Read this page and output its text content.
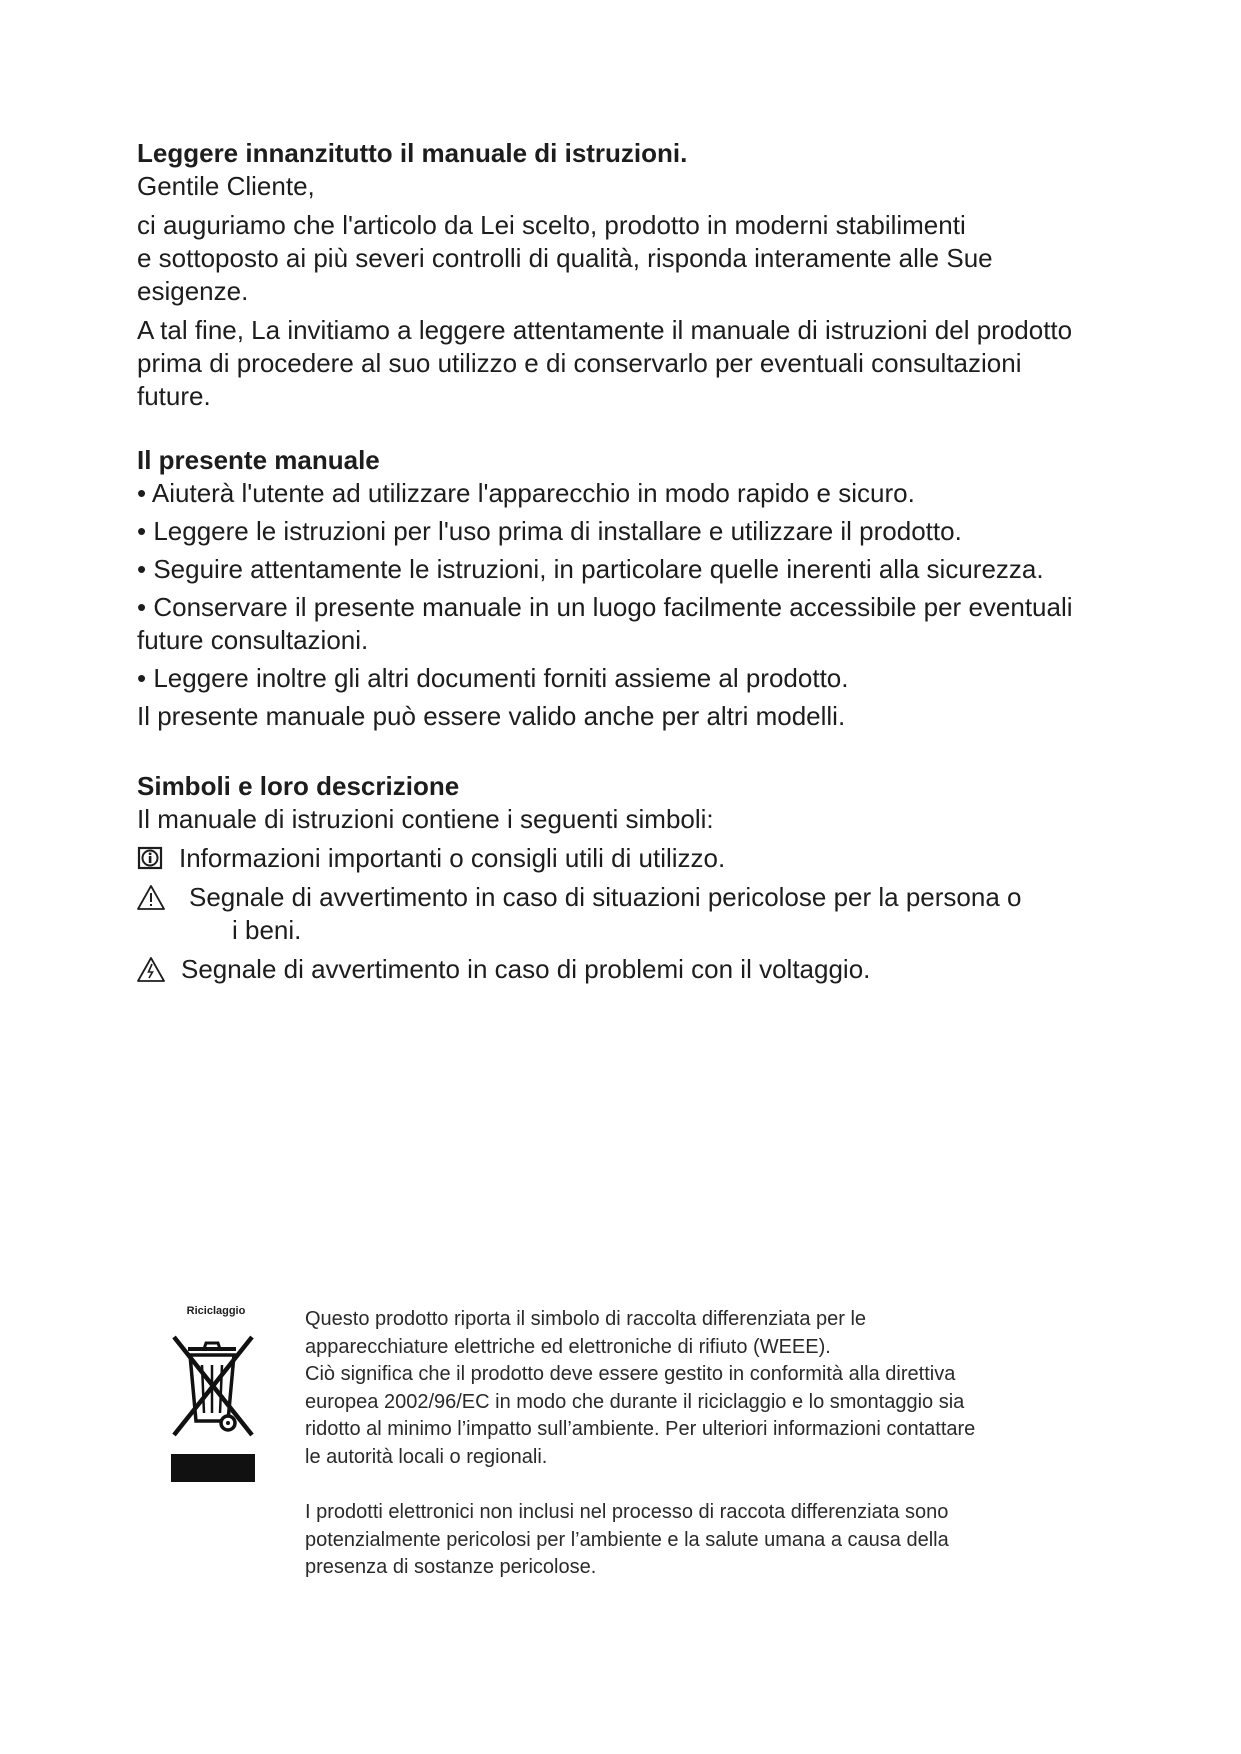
Leggere innanzitutto il manuale di istruzioni.

Gentile Cliente,

ci auguriamo che l'articolo da Lei scelto, prodotto in moderni stabilimenti
e sottoposto ai più severi controlli di qualità, risponda interamente alle Sue
esigenze.
A tal fine, La invitiamo a leggere attentamente il manuale di istruzioni del prodotto
prima di procedere al suo utilizzo e di conservarlo per eventuali consultazioni
future.

Il presente manuale

• Aiuterà l'utente ad utilizzare l'apparecchio in modo rapido e sicuro.
• Leggere le istruzioni per l'uso prima di installare e utilizzare il prodotto.
• Seguire attentamente le istruzioni, in particolare quelle inerenti alla sicurezza.
• Conservare il presente manuale in un luogo facilmente accessibile per eventuali
future consultazioni.
• Leggere inoltre gli altri documenti forniti assieme al prodotto.
Il presente manuale può essere valido anche per altri modelli.

Simboli e loro descrizione

Il manuale di istruzioni contiene i seguenti simboli:
Informazioni importanti o consigli utili di utilizzo.
Segnale di avvertimento in caso di situazioni pericolose per la persona o

i beni.
Segnale di avvertimento in caso di problemi con il voltaggio.
Riciclaggio	Questo prodotto riporta il simbolo di raccolta differenziata per le

apparecchiature elettriche ed elettroniche di rifiuto (WEEE).

Ciò significa che il prodotto deve essere gestito in conformità alla direttiva

europea 2002/96/EC in modo che durante il riciclaggio e lo smontaggio sia

ridotto al minimo l’impatto sull’ambiente. Per ulteriori informazioni contattare

le autorità locali o regionali.

I prodotti elettronici non inclusi nel processo di raccota differenziata sono

potenzialmente pericolosi per l’ambiente e la salute umana a causa della

presenza di sostanze pericolose.
